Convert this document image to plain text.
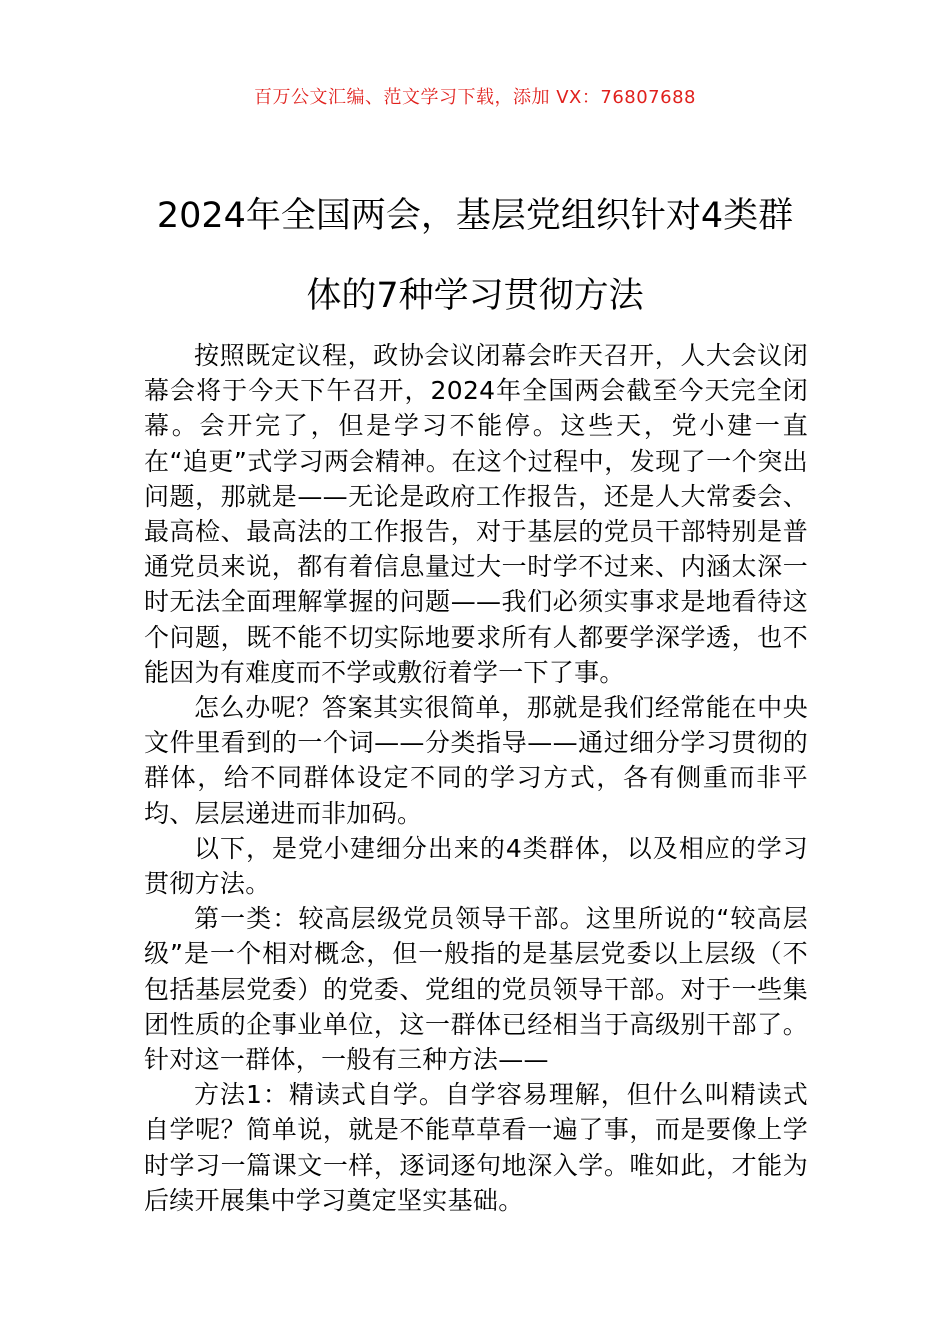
百万公文汇编、范文学习下载，添加 VX：76807688
2024年全国两会，基层党组织针对4类群体的7种学习贯彻方法

按照既定议程，政协会议闭幕会昨天召开，人大会议闭幕会将于今天下午召开，2024年全国两会截至今天完全闭幕。会开完了，但是学习不能停。这些天，党小建一直在“追更”式学习两会精神。在这个过程中，发现了一个突出问题，那就是——无论是政府工作报告，还是人大常委会、最高检、最高法的工作报告，对于基层的党员干部特别是普通党员来说，都有着信息量过大一时学不过来、内涵太深一时无法全面理解掌握的问题——我们必须实事求是地看待这个问题，既不能不切实际地要求所有人都要学深学透，也不能因为有难度而不学或敷衍着学一下了事。

怎么办呢？答案其实很简单，那就是我们经常能在中央文件里看到的一个词——分类指导——通过细分学习贯彻的群体，给不同群体设定不同的学习方式，各有侧重而非平均、层层递进而非加码。

以下，是党小建细分出来的4类群体，以及相应的学习贯彻方法。

第一类：较高层级党员领导干部。这里所说的“较高层级”是一个相对概念，但一般指的是基层党委以上层级（不包括基层党委）的党委、党组的党员领导干部。对于一些集团性质的企事业单位，这一群体已经相当于高级别干部了。针对这一群体，一般有三种方法——

方法1：精读式自学。自学容易理解，但什么叫精读式自学呢？简单说，就是不能草草看一遍了事，而是要像上学时学习一篇课文一样，逐词逐句地深入学。唯如此，才能为后续开展集中学习奠定坚实基础。
